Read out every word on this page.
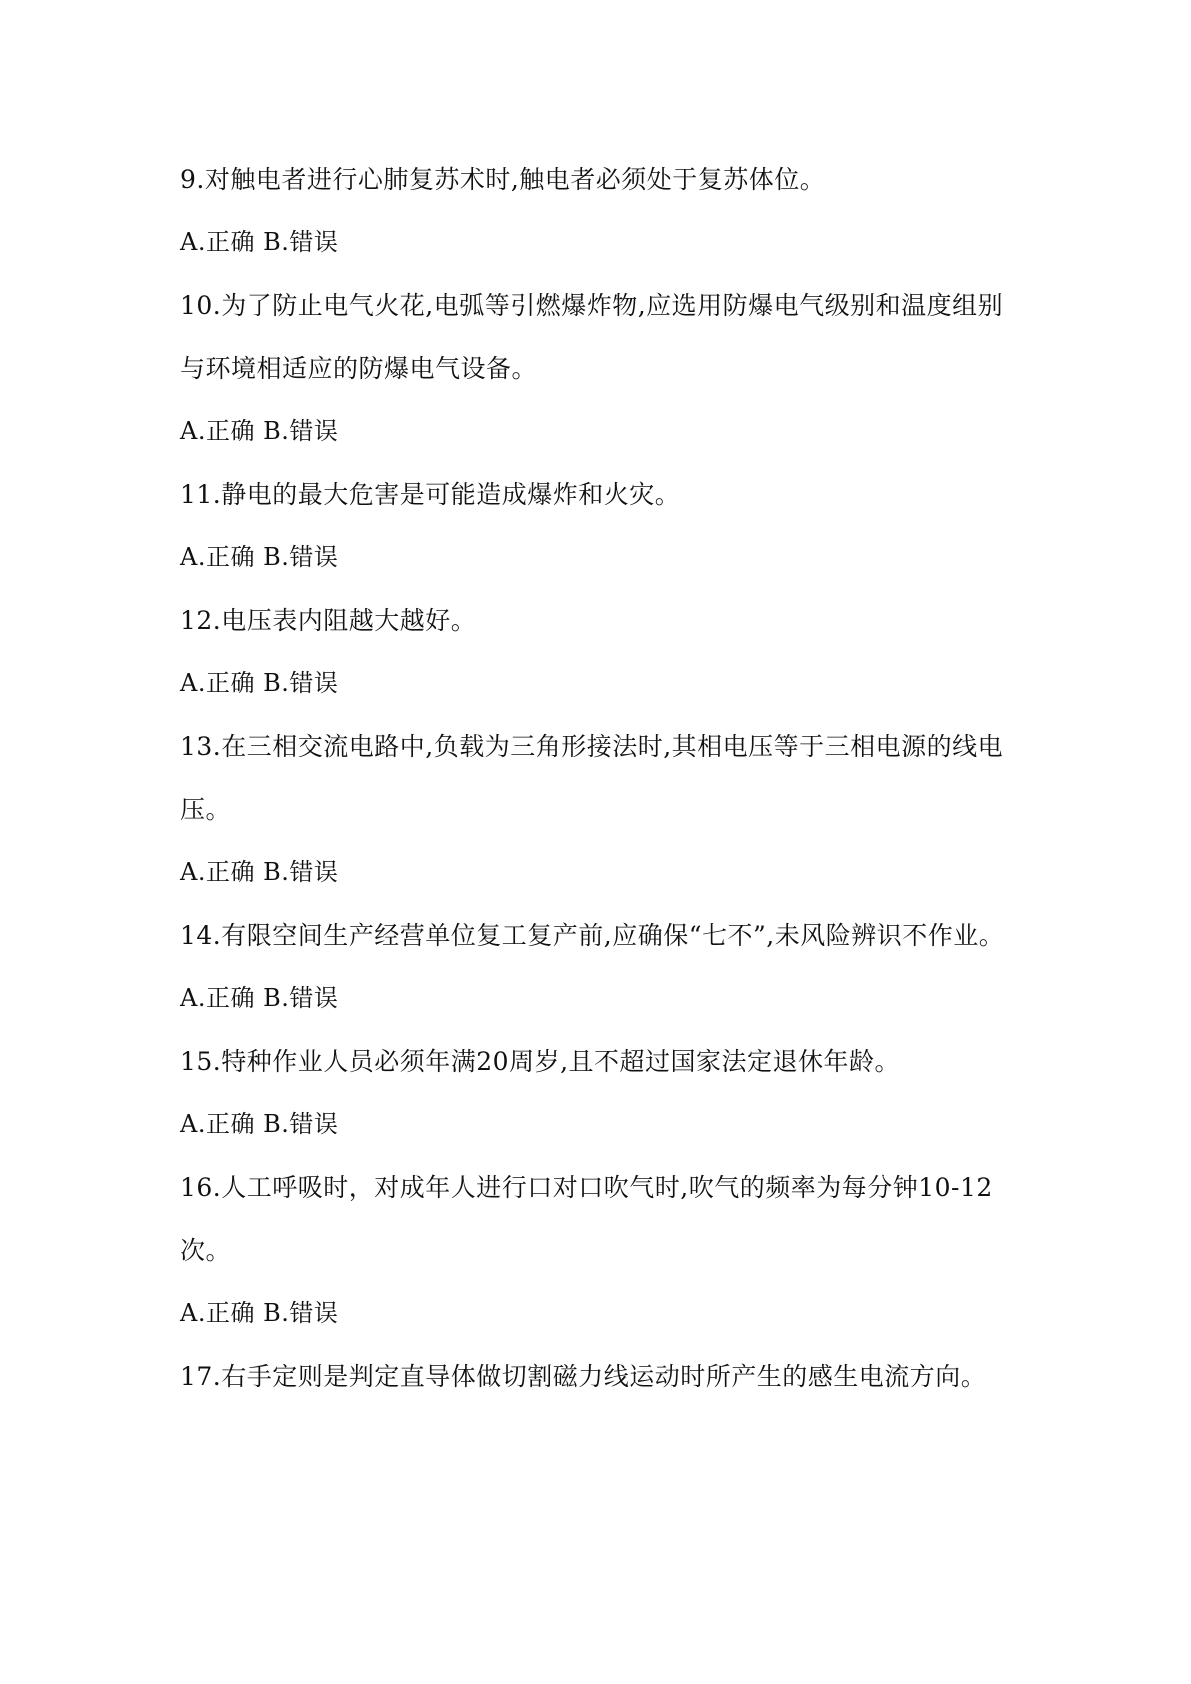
9.对触电者进行心肺复苏术时,触电者必须处于复苏体位。

A.正确 B.错误

10.为了防止电气火花,电弧等引燃爆炸物,应选用防爆电气级别和温度组别与环境相适应的防爆电气设备。

A.正确 B.错误

11.静电的最大危害是可能造成爆炸和火灾。

A.正确 B.错误

12.电压表内阻越大越好。

A.正确 B.错误

13.在三相交流电路中,负载为三角形接法时,其相电压等于三相电源的线电压。

A.正确 B.错误

14.有限空间生产经营单位复工复产前,应确保“七不”,未风险辨识不作业。

A.正确 B.错误

15.特种作业人员必须年满20周岁,且不超过国家法定退休年龄。

A.正确 B.错误

16.人工呼吸时，对成年人进行口对口吹气时,吹气的频率为每分钟10-12次。

A.正确 B.错误

17.右手定则是判定直导体做切割磁力线运动时所产生的感生电流方向。
